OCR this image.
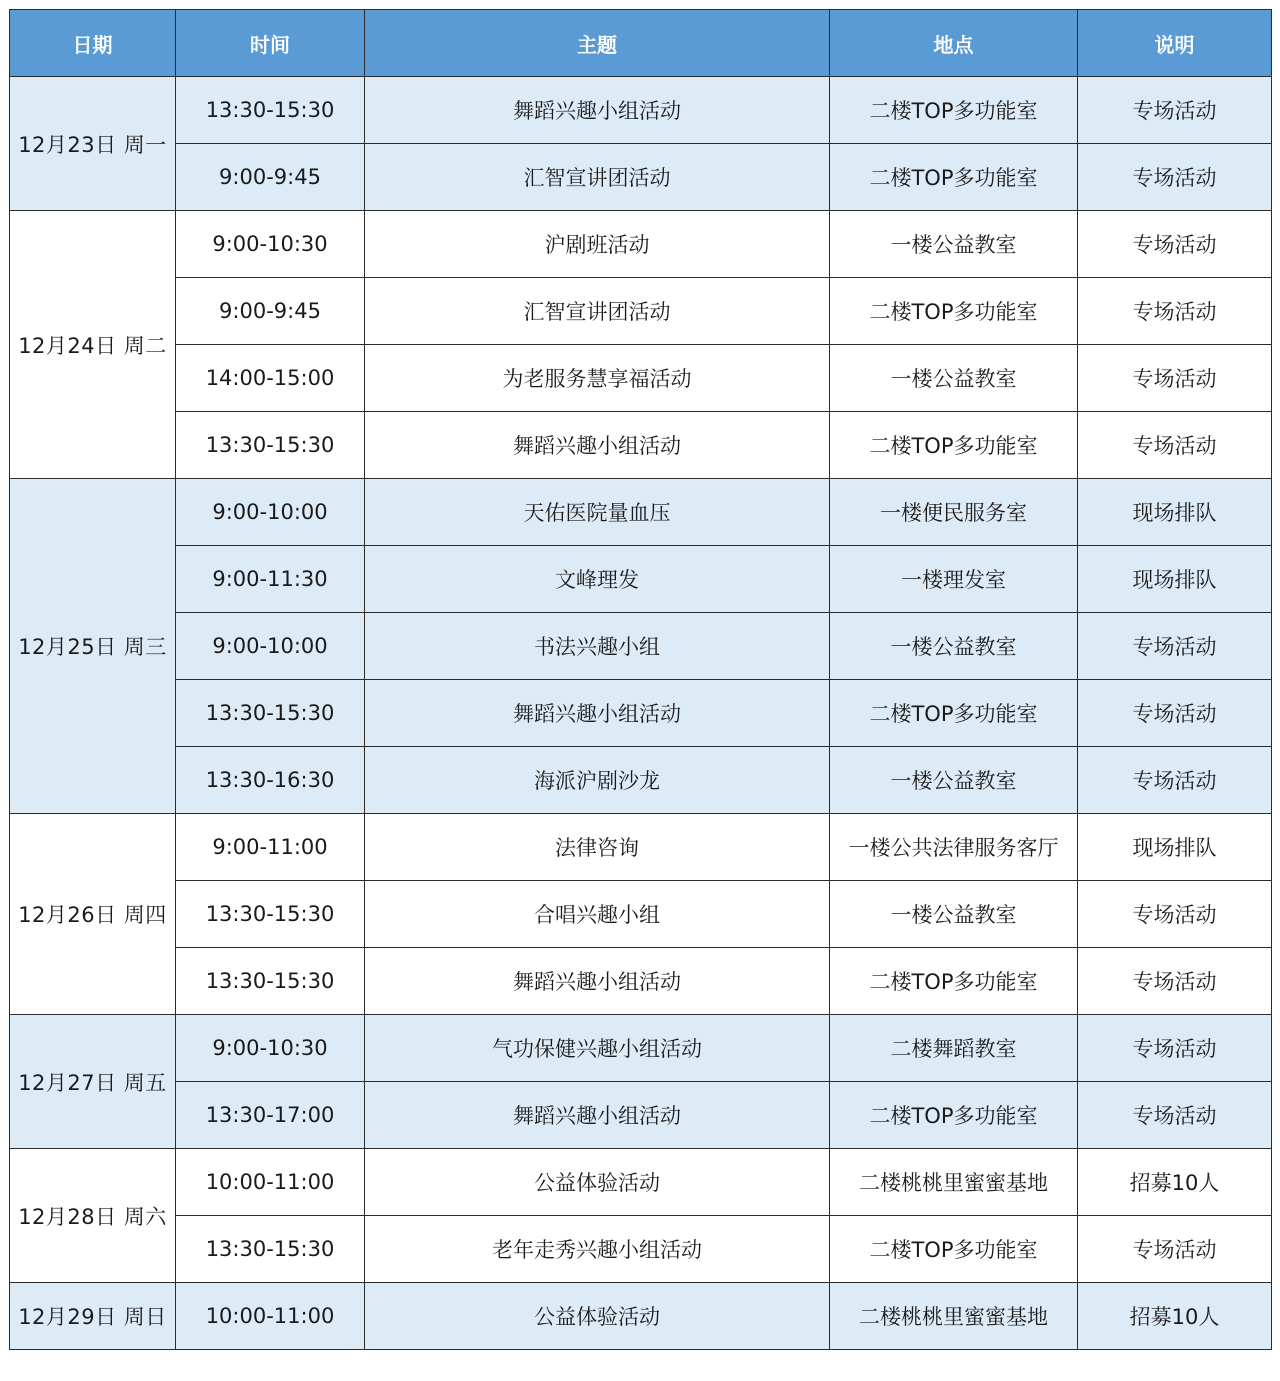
日期	时间	主题	地点	说明
12月23日 周一	13:30-15:30	舞蹈兴趣小组活动	二楼TOP多功能室	专场活动
	9:00-9:45	汇智宣讲团活动	二楼TOP多功能室	专场活动
12月24日 周二	9:00-10:30	沪剧班活动	一楼公益教室	专场活动
	9:00-9:45	汇智宣讲团活动	二楼TOP多功能室	专场活动
	14:00-15:00	为老服务慧享福活动	一楼公益教室	专场活动
	13:30-15:30	舞蹈兴趣小组活动	二楼TOP多功能室	专场活动
12月25日 周三	9:00-10:00	天佑医院量血压	一楼便民服务室	现场排队
	9:00-11:30	文峰理发	一楼理发室	现场排队
	9:00-10:00	书法兴趣小组	一楼公益教室	专场活动
	13:30-15:30	舞蹈兴趣小组活动	二楼TOP多功能室	专场活动
	13:30-16:30	海派沪剧沙龙	一楼公益教室	专场活动
12月26日 周四	9:00-11:00	法律咨询	一楼公共法律服务客厅	现场排队
	13:30-15:30	合唱兴趣小组	一楼公益教室	专场活动
	13:30-15:30	舞蹈兴趣小组活动	二楼TOP多功能室	专场活动
12月27日 周五	9:00-10:30	气功保健兴趣小组活动	二楼舞蹈教室	专场活动
	13:30-17:00	舞蹈兴趣小组活动	二楼TOP多功能室	专场活动
12月28日 周六	10:00-11:00	公益体验活动	二楼桃桃里蜜蜜基地	招募10人
	13:30-15:30	老年走秀兴趣小组活动	二楼TOP多功能室	专场活动
12月29日 周日	10:00-11:00	公益体验活动	二楼桃桃里蜜蜜基地	招募10人
